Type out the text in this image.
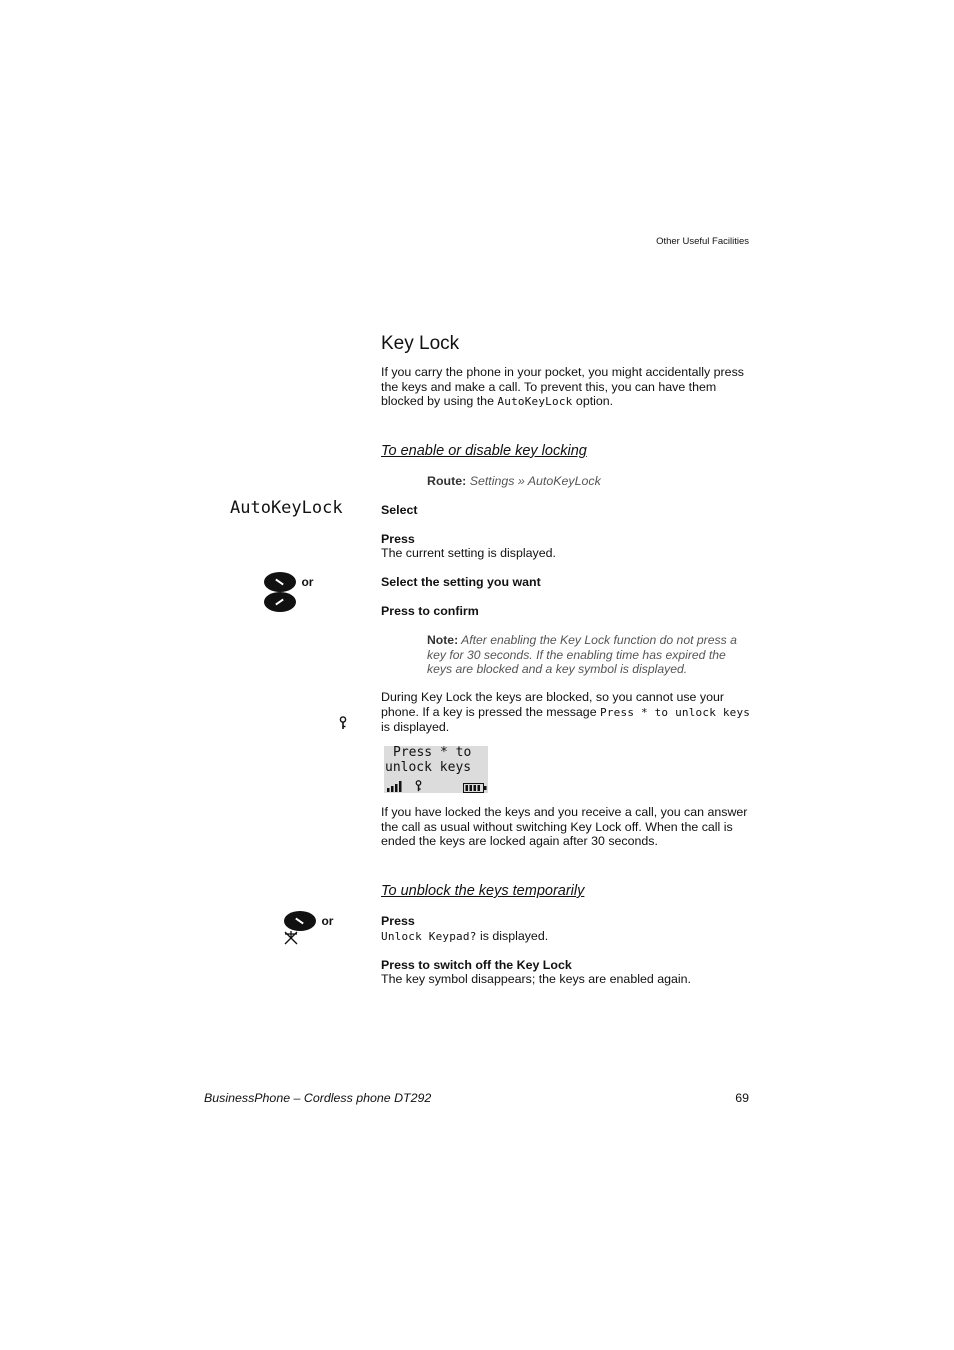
Other Useful Facilities
Key Lock
If you carry the phone in your pocket, you might accidentally press the keys and make a call. To prevent this, you can have them blocked by using the AutoKeyLock option.
To enable or disable key locking
Route: Settings » AutoKeyLock
AutoKeyLock	Select
Press
The current setting is displayed.
or	Select the setting you want
Press to confirm
Note: After enabling the Key Lock function do not press a key for 30 seconds. If the enabling time has expired the keys are blocked and a key symbol is displayed.
During Key Lock the keys are blocked, so you cannot use your phone. If a key is pressed the message Press * to unlock keys is displayed.
Press * to
unlock keys
If you have locked the keys and you receive a call, you can answer the call as usual without switching Key Lock off. When the call is ended the keys are locked again after 30 seconds.
To unblock the keys temporarily
or	Press
Unlock Keypad? is displayed.
Press to switch off the Key Lock
The key symbol disappears; the keys are enabled again.
BusinessPhone – Cordless phone DT292	69
